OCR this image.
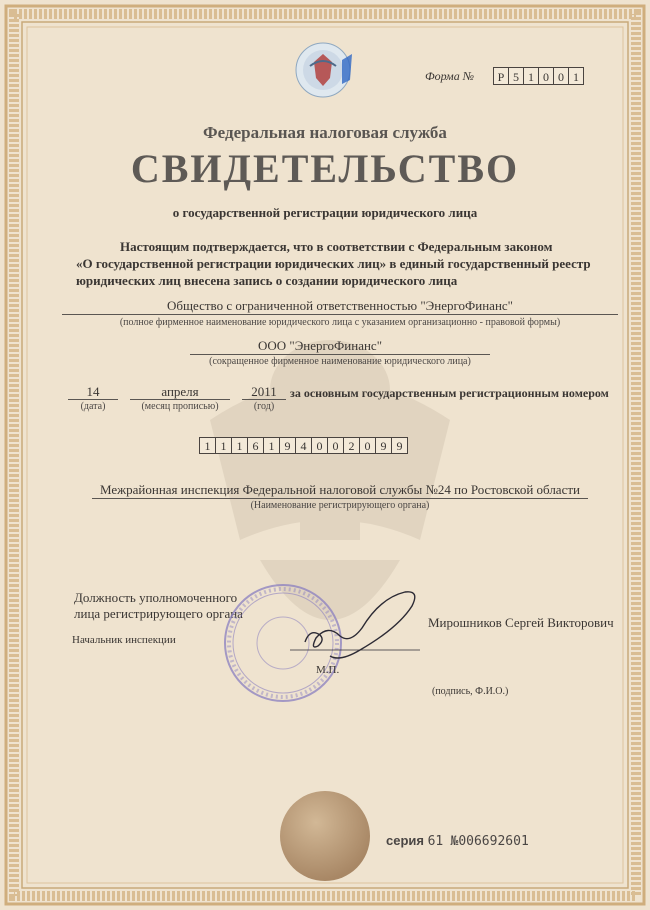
Форма №	Р 5 1 0 0 1
Федеральная налоговая служба
СВИДЕТЕЛЬСТВО
о государственной регистрации юридического лица
Настоящим подтверждается, что в соответствии с Федеральным законом
«О государственной регистрации юридических лиц» в единый государственный реестр
юридических лиц внесена запись о создании юридического лица
Общество с ограниченной ответственностью "ЭнергоФинанс"
(полное фирменное наименование юридического лица с указанием организационно - правовой формы)
ООО "ЭнергоФинанс"
(сокращенное фирменное наименование юридического лица)
14
(дата)
апреля
(месяц прописью)
2011
(год)
за основным государственным регистрационным номером
1 1 1 6 1 9 4 0 0 2 0 9 9
Межрайонная инспекция Федеральной налоговой службы №24 по Ростовской области
(Наименование регистрирующего органа)
Должность уполномоченного
лица регистрирующего органа
Начальник инспекции
Мирошников Сергей Викторович
М.П.
(подпись, Ф.И.О.)
серия 61 №006692601
